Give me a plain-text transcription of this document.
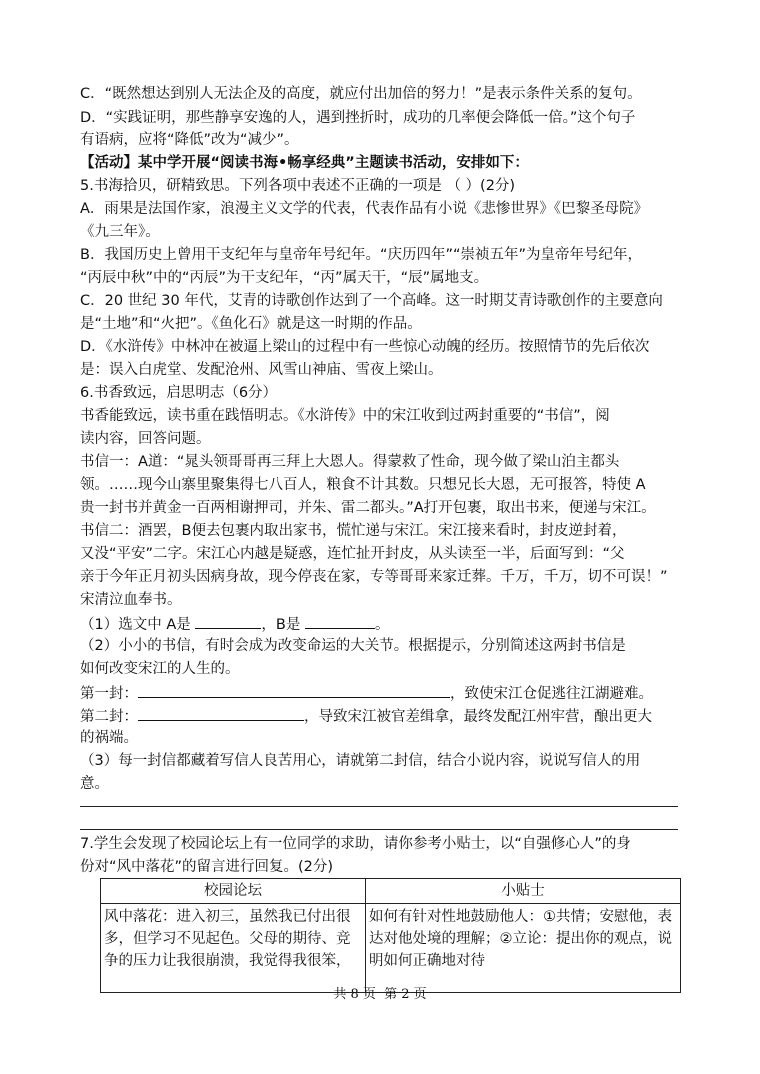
C．“既然想达到别人无法企及的高度，就应付出加倍的努力！”是表示条件关系的复句。

D．“实践证明，那些静享安逸的人，遇到挫折时，成功的几率便会降低一倍。”这个句子

有语病，应将“降低”改为“减少”。

【活动】某中学开展“阅读书海•畅享经典”主题读书活动，安排如下：

5.书海拾贝，研精致思。下列各项中表述不正确的一项是 （ ）(2分)

A．雨果是法国作家，浪漫主义文学的代表，代表作品有小说《悲惨世界》《巴黎圣母院》

《九三年》。

B．我国历史上曾用干支纪年与皇帝年号纪年。“庆历四年”“崇祯五年”为皇帝年号纪年，

“丙辰中秋”中的“丙辰”为干支纪年，“丙”属天干，“辰”属地支。

C．20 世纪 30 年代，艾青的诗歌创作达到了一个高峰。这一时期艾青诗歌创作的主要意向

是“土地”和“火把”。《鱼化石》就是这一时期的作品。

D．《水浒传》中林冲在被逼上梁山的过程中有一些惊心动魄的经历。按照情节的先后依次

是：误入白虎堂、发配沧州、风雪山神庙、雪夜上梁山。

6.书香致远，启思明志（6分）

书香能致远，读书重在践悟明志。《水浒传》中的宋江收到过两封重要的“书信”，阅

读内容，回答问题。

书信一：A道：“晁头领哥哥再三拜上大恩人。得蒙救了性命，现今做了梁山泊主都头

领。……现今山寨里聚集得七八百人，粮食不计其数。只想兄长大恩，无可报答，特使 A

贵一封书并黄金一百两相谢押司，并朱、雷二都头。”A打开包裹，取出书来，便递与宋江。

书信二：酒罢，B便去包裹内取出家书，慌忙递与宋江。宋江接来看时，封皮逆封着，

又没“平安”二字。宋江心内越是疑惑，连忙扯开封皮，从头读至一半，后面写到：“父

亲于今年正月初头因病身故，现今停丧在家，专等哥哥来家迁葬。千万，千万，切不可误！”

宋清泣血奉书。

（1）选文中 A是	，B是	。

（2）小小的书信，有时会成为改变命运的大关节。根据提示，分别简述这两封书信是

如何改变宋江的人生的。

第一封：	，致使宋江仓促逃往江湖避难。

第二封：	，导致宋江被官差缉拿，最终发配江州牢营，酿出更大

的祸端。

（3）每一封信都藏着写信人良苦用心，请就第二封信，结合小说内容，说说写信人的用

意。

7.学生会发现了校园论坛上有一位同学的求助，请你参考小贴士，以“自强修心人”的身

份对“风中落花”的留言进行回复。(2分)

校园论坛	小贴士
风中落花：进入初三，虽然我已付出很多，但学习不见起色。父母的期待、竞争的压力让我很崩溃，我觉得我很笨，	如何有针对性地鼓励他人：①共情；安慰他，表达对他处境的理解；②立论：提出你的观点，说明如何正确地对待
共 8 页 第 2 页
